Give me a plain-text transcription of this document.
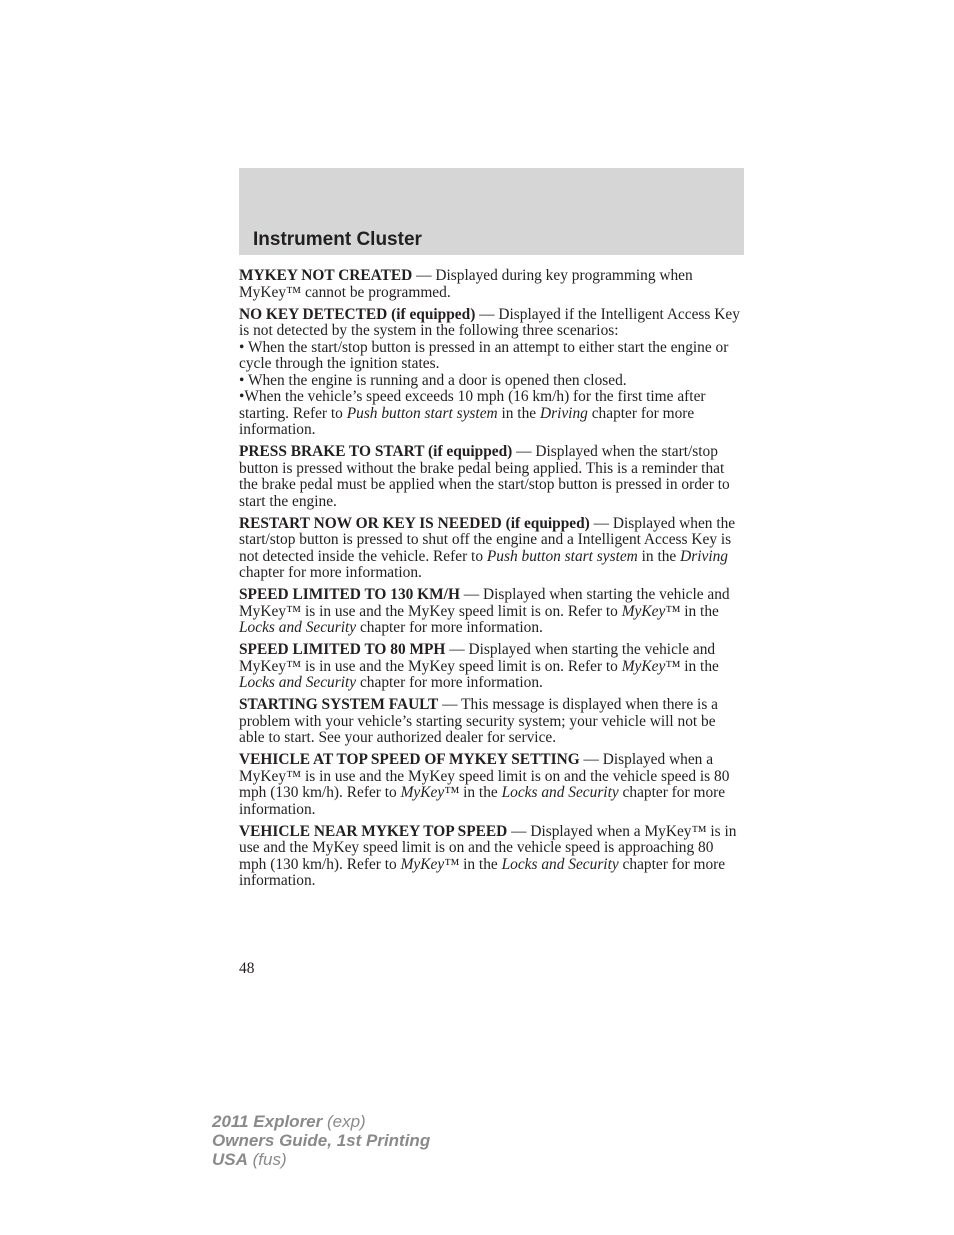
Instrument Cluster

MYKEY NOT CREATED — Displayed during key programming when MyKey™ cannot be programmed.

NO KEY DETECTED (if equipped) — Displayed if the Intelligent Access Key is not detected by the system in the following three scenarios:

• When the start/stop button is pressed in an attempt to either start the engine or cycle through the ignition states.

• When the engine is running and a door is opened then closed.

•When the vehicle’s speed exceeds 10 mph (16 km/h) for the first time after starting. Refer to Push button start system in the Driving chapter for more information.

PRESS BRAKE TO START (if equipped) — Displayed when the start/stop button is pressed without the brake pedal being applied. This is a reminder that the brake pedal must be applied when the start/stop button is pressed in order to start the engine.

RESTART NOW OR KEY IS NEEDED (if equipped) — Displayed when the start/stop button is pressed to shut off the engine and a Intelligent Access Key is not detected inside the vehicle. Refer to Push button start system in the Driving chapter for more information.

SPEED LIMITED TO 130 KM/H — Displayed when starting the vehicle and MyKey™ is in use and the MyKey speed limit is on. Refer to MyKey™ in the Locks and Security chapter for more information.

SPEED LIMITED TO 80 MPH — Displayed when starting the vehicle and MyKey™ is in use and the MyKey speed limit is on. Refer to MyKey™ in the Locks and Security chapter for more information.

STARTING SYSTEM FAULT — This message is displayed when there is a problem with your vehicle’s starting security system; your vehicle will not be able to start. See your authorized dealer for service.

VEHICLE AT TOP SPEED OF MYKEY SETTING — Displayed when a MyKey™ is in use and the MyKey speed limit is on and the vehicle speed is 80 mph (130 km/h). Refer to MyKey™ in the Locks and Security chapter for more information.

VEHICLE NEAR MYKEY TOP SPEED — Displayed when a MyKey™ is in use and the MyKey speed limit is on and the vehicle speed is approaching 80 mph (130 km/h). Refer to MyKey™ in the Locks and Security chapter for more information.

48
2011 Explorer (exp)
Owners Guide, 1st Printing
USA (fus)
